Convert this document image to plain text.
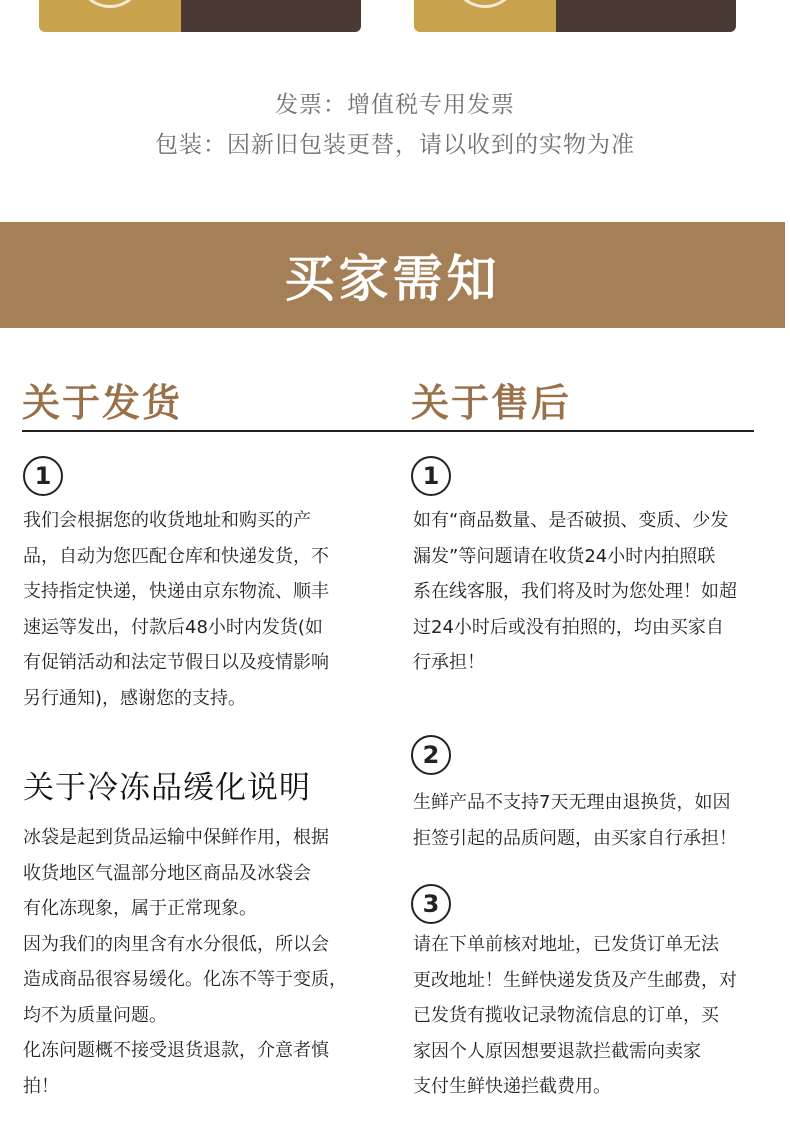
发票：增值税专用发票
包装：因新旧包装更替，请以收到的实物为准
买家需知
关于发货	关于售后
1
我们会根据您的收货地址和购买的产
品，自动为您匹配仓库和快递发货，不
支持指定快递，快递由京东物流、顺丰
速运等发出，付款后48小时内发货(如
有促销活动和法定节假日以及疫情影响
另行通知)，感谢您的支持。
关于冷冻品缓化说明
冰袋是起到货品运输中保鲜作用，根据
收货地区气温部分地区商品及冰袋会
有化冻现象，属于正常现象。
因为我们的肉里含有水分很低，所以会
造成商品很容易缓化。化冻不等于变质，
均不为质量问题。
化冻问题概不接受退货退款，介意者慎
拍！
1
如有“商品数量、是否破损、变质、少发
漏发”等问题请在收货24小时内拍照联
系在线客服，我们将及时为您处理！如超
过24小时后或没有拍照的，均由买家自
行承担！
2
生鲜产品不支持7天无理由退换货，如因
拒签引起的品质问题，由买家自行承担！
3
请在下单前核对地址，已发货订单无法
更改地址！生鲜快递发货及产生邮费，对
已发货有揽收记录物流信息的订单，买
家因个人原因想要退款拦截需向卖家
支付生鲜快递拦截费用。
